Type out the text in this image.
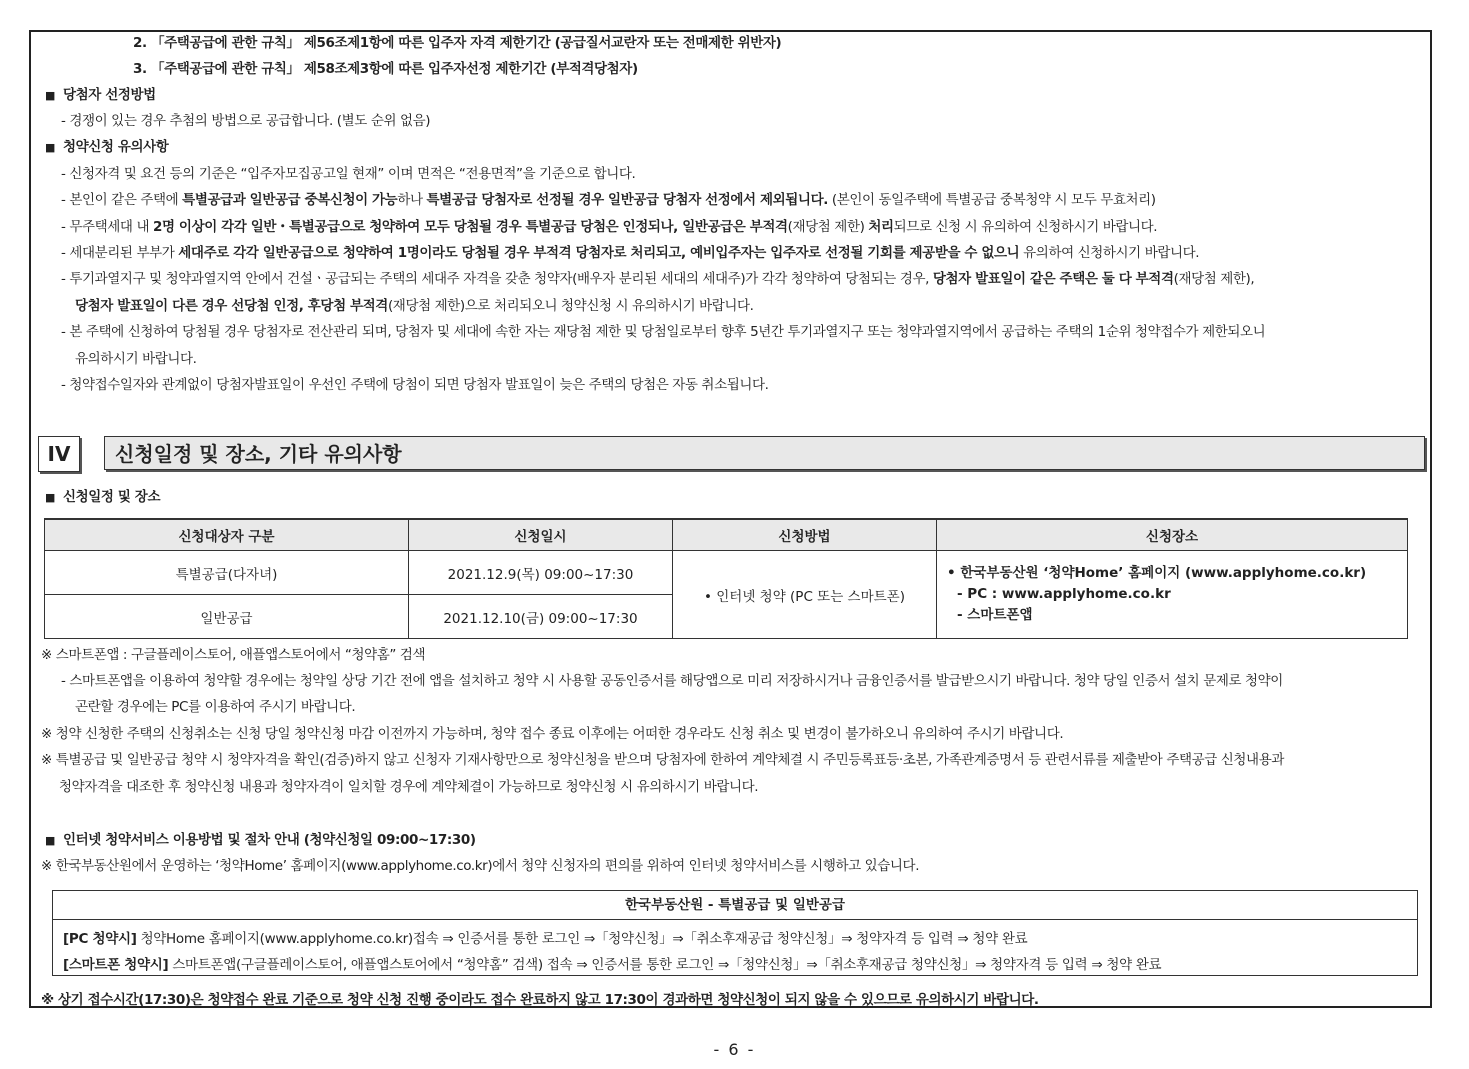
2. 「주택공급에 관한 규칙」 제56조제1항에 따른 입주자 자격 제한기간 (공급질서교란자 또는 전매제한 위반자)
3. 「주택공급에 관한 규칙」 제58조제3항에 따른 입주자선정 제한기간 (부적격당첨자)
■ 당첨자 선정방법
- 경쟁이 있는 경우 추첨의 방법으로 공급합니다. (별도 순위 없음)
■ 청약신청 유의사항
- 신청자격 및 요건 등의 기준은 “입주자모집공고일 현재” 이며 면적은 “전용면적”을 기준으로 합니다.
- 본인이 같은 주택에 특별공급과 일반공급 중복신청이 가능하나 특별공급 당첨자로 선정될 경우 일반공급 당첨자 선정에서 제외됩니다. (본인이 동일주택에 특별공급 중복청약 시 모두 무효처리)
- 무주택세대 내 2명 이상이 각각 일반・특별공급으로 청약하여 모두 당첨될 경우 특별공급 당첨은 인정되나, 일반공급은 부적격(재당첨 제한) 처리되므로 신청 시 유의하여 신청하시기 바랍니다.
- 세대분리된 부부가 세대주로 각각 일반공급으로 청약하여 1명이라도 당첨될 경우 부적격 당첨자로 처리되고, 예비입주자는 입주자로 선정될 기회를 제공받을 수 없으니 유의하여 신청하시기 바랍니다.
- 투기과열지구 및 청약과열지역 안에서 건설ㆍ공급되는 주택의 세대주 자격을 갖춘 청약자(배우자 분리된 세대의 세대주)가 각각 청약하여 당첨되는 경우, 당첨자 발표일이 같은 주택은 둘 다 부적격(재당첨 제한),
당첨자 발표일이 다른 경우 선당첨 인정, 후당첨 부적격(재당첨 제한)으로 처리되오니 청약신청 시 유의하시기 바랍니다.
- 본 주택에 신청하여 당첨될 경우 당첨자로 전산관리 되며, 당첨자 및 세대에 속한 자는 재당첨 제한 및 당첨일로부터 향후 5년간 투기과열지구 또는 청약과열지역에서 공급하는 주택의 1순위 청약접수가 제한되오니
유의하시기 바랍니다.
- 청약접수일자와 관계없이 당첨자발표일이 우선인 주택에 당첨이 되면 당첨자 발표일이 늦은 주택의 당첨은 자동 취소됩니다.
IV	신청일정 및 장소, 기타 유의사항
■ 신청일정 및 장소
신청대상자 구분	신청일시	신청방법	신청장소
특별공급(다자녀)	2021.12.9(목) 09:00~17:30	• 인터넷 청약 (PC 또는 스마트폰)	• 한국부동산원 ‘청약Home’ 홈페이지 (www.applyhome.co.kr)
- PC : www.applyhome.co.kr
- 스마트폰앱

일반공급	2021.12.10(금) 09:00~17:30		
※ 스마트폰앱 : 구글플레이스토어, 애플앱스토어에서 “청약홈” 검색
- 스마트폰앱을 이용하여 청약할 경우에는 청약일 상당 기간 전에 앱을 설치하고 청약 시 사용할 공동인증서를 해당앱으로 미리 저장하시거나 금융인증서를 발급받으시기 바랍니다. 청약 당일 인증서 설치 문제로 청약이
곤란할 경우에는 PC를 이용하여 주시기 바랍니다.
※ 청약 신청한 주택의 신청취소는 신청 당일 청약신청 마감 이전까지 가능하며, 청약 접수 종료 이후에는 어떠한 경우라도 신청 취소 및 변경이 불가하오니 유의하여 주시기 바랍니다.
※ 특별공급 및 일반공급 청약 시 청약자격을 확인(검증)하지 않고 신청자 기재사항만으로 청약신청을 받으며 당첨자에 한하여 계약체결 시 주민등록표등·초본, 가족관계증명서 등 관련서류를 제출받아 주택공급 신청내용과
청약자격을 대조한 후 청약신청 내용과 청약자격이 일치할 경우에 계약체결이 가능하므로 청약신청 시 유의하시기 바랍니다.
■ 인터넷 청약서비스 이용방법 및 절차 안내 (청약신청일 09:00~17:30)
※ 한국부동산원에서 운영하는 ‘청약Home’ 홈페이지(www.applyhome.co.kr)에서 청약 신청자의 편의를 위하여 인터넷 청약서비스를 시행하고 있습니다.
한국부동산원 - 특별공급 및 일반공급
[PC 청약시] 청약Home 홈페이지(www.applyhome.co.kr)접속 ⇒ 인증서를 통한 로그인 ⇒「청약신청」⇒「취소후재공급 청약신청」⇒ 청약자격 등 입력 ⇒ 청약 완료
[스마트폰 청약시] 스마트폰앱(구글플레이스토어, 애플앱스토어에서 “청약홈” 검색) 접속 ⇒ 인증서를 통한 로그인 ⇒「청약신청」⇒「취소후재공급 청약신청」⇒ 청약자격 등 입력 ⇒ 청약 완료
※ 상기 접수시간(17:30)은 청약접수 완료 기준으로 청약 신청 진행 중이라도 접수 완료하지 않고 17:30이 경과하면 청약신청이 되지 않을 수 있으므로 유의하시기 바랍니다.
- 6 -
